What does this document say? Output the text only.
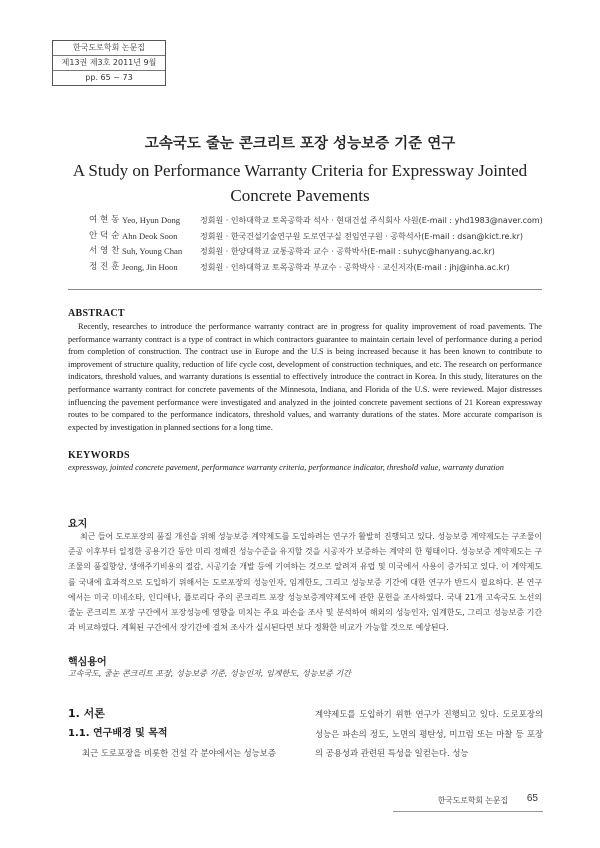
한국도로학회 논문집
제13권 제3호 2011년 9월
pp. 65 ~ 73
고속국도 줄눈 콘크리트 포장 성능보증 기준 연구
A Study on Performance Warranty Criteria for Expressway Jointed
Concrete Pavements
여 현 동 Yeo, Hyun Dong 정회원 · 인하대학교 토목공학과 석사 · 현대건설 주식회사 사원(E-mail : yhd1983@naver.com)
안 덕 순 Ahn Deok Soon	정회원 · 한국건설기술연구원 도로연구실 전임연구원 · 공학석사(E-mail : dsan@kict.re.kr)
서 영 찬 Suh, Young Chan 정회원 · 한양대학교 교통공학과 교수 · 공학박사(E-mail : suhyc@hanyang.ac.kr)
정 진 훈 Jeong, Jin Hoon	정회원 · 인하대학교 토목공학과 부교수 · 공학박사 · 교신저자(E-mail : jhj@inha.ac.kr)
ABSTRACT
Recently, researches to introduce the performance warranty contract are in progress for quality improvement of road pavements. The performance warranty contract is a type of contract in which contractors guarantee to maintain certain level of performance during a period from completion of construction. The contract use in Europe and the U.S is being increased because it has been known to contribute to improvement of structure quality, reduction of life cycle cost, development of construction techniques, and etc. The research on performance indicators, threshold values, and warranty durations is essential to effectively introduce the contract in Korea. In this study, literatures on the performance warranty contract for concrete pavements of the Minnesota, Indiana, and Florida of the U.S. were reviewed. Major distresses influencing the pavement performance were investigated and analyzed in the jointed concrete pavement sections of 21 Korean expressway routes to be compared to the performance indicators, threshold values, and warranty durations of the states. More accurate comparison is expected by investigation in planned sections for a long time.
KEYWORDS
expressway, jointed concrete pavement, performance warranty criteria, performance indicator, threshold value, warranty duration
요지
최근 들어 도로포장의 품질 개선을 위해 성능보증 계약제도를 도입하려는 연구가 활발히 진행되고 있다. 성능보증 계약제도는 구조물이 준공 이후부터 일정한 공용기간 동안 미리 정해진 성능수준을 유지할 것을 시공자가 보증하는 계약의 한 형태이다. 성능보증 계약제도는 구조물의 품질향상, 생애주기비용의 절감, 시공기술 개발 등에 기여하는 것으로 알려져 유럽 및 미국에서 사용이 증가되고 있다. 이 계약제도를 국내에 효과적으로 도입하기 위해서는 도로포장의 성능인자, 임계한도, 그리고 성능보증 기간에 대한 연구가 반드시 필요하다. 본 연구에서는 미국 미네소타, 인디애나, 플로리다 주의 콘크리트 포장 성능보증계약제도에 관한 문헌을 조사하였다. 국내 21개 고속국도 노선의 줄눈 콘크리트 포장 구간에서 포장성능에 영향을 미치는 주요 파손을 조사 및 분석하여 해외의 성능인자, 임계한도, 그리고 성능보증 기간과 비교하였다. 계획된 구간에서 장기간에 걸쳐 조사가 실시된다면 보다 정확한 비교가 가능할 것으로 예상된다.
핵심용어
고속국도, 줄눈 콘크리트 포장, 성능보증 기준, 성능인자, 임계한도, 성능보증 기간
1. 서론
1.1. 연구배경 및 목적
최근 도로포장을 비롯한 건설 각 분야에서는 성능보증
계약제도를 도입하기 위한 연구가 진행되고 있다. 도로포장의 성능은 파손의 정도, 노면의 평탄성, 미끄럼 또는 마찰 등 포장의 공용성과 관련된 특성을 일컫는다. 성능
한국도로학회 논문집 65
